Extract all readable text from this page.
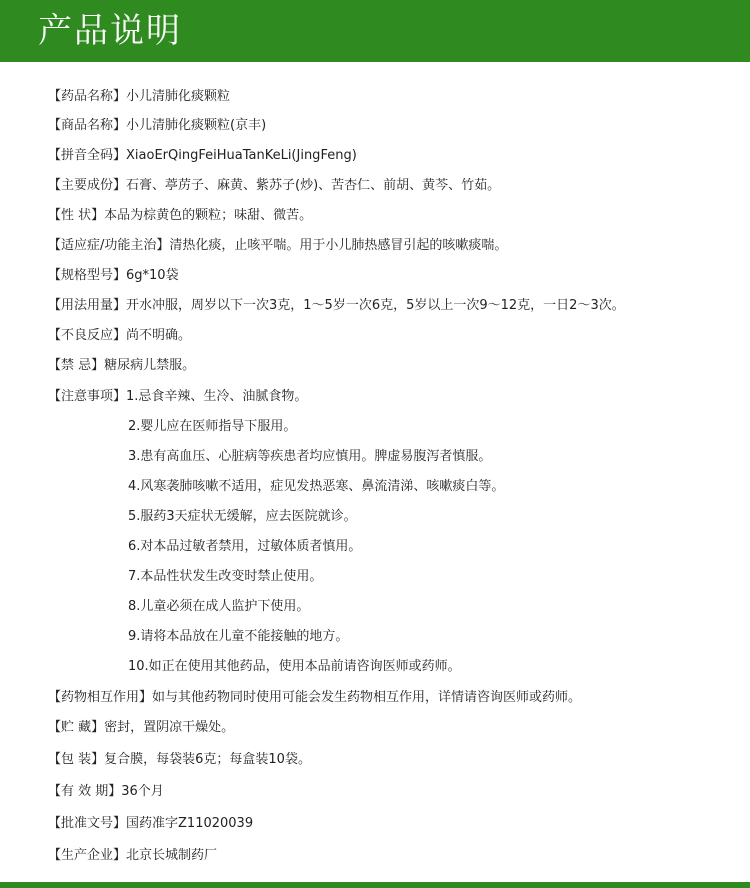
产品说明
【药品名称】小儿清肺化痰颗粒
【商品名称】小儿清肺化痰颗粒(京丰)
【拼音全码】XiaoErQingFeiHuaTanKeLi(JingFeng)
【主要成份】石膏、葶苈子、麻黄、紫苏子(炒)、苦杏仁、前胡、黄芩、竹茹。
【性 状】本品为棕黄色的颗粒；味甜、微苦。
【适应症/功能主治】清热化痰，止咳平喘。用于小儿肺热感冒引起的咳嗽痰喘。
【规格型号】6g*10袋
【用法用量】开水冲服，周岁以下一次3克，1～5岁一次6克，5岁以上一次9～12克，一日2～3次。
【不良反应】尚不明确。
【禁 忌】糖尿病儿禁服。
【注意事项】1.忌食辛辣、生冷、油腻食物。
2.婴儿应在医师指导下服用。
3.患有高血压、心脏病等疾患者均应慎用。脾虚易腹泻者慎服。
4.风寒袭肺咳嗽不适用，症见发热恶寒、鼻流清涕、咳嗽痰白等。
5.服药3天症状无缓解，应去医院就诊。
6.对本品过敏者禁用，过敏体质者慎用。
7.本品性状发生改变时禁止使用。
8.儿童必须在成人监护下使用。
9.请将本品放在儿童不能接触的地方。
10.如正在使用其他药品，使用本品前请咨询医师或药师。
【药物相互作用】如与其他药物同时使用可能会发生药物相互作用，详情请咨询医师或药师。
【贮 藏】密封，置阴凉干燥处。
【包 装】复合膜，每袋装6克；每盒装10袋。
【有 效 期】36个月
【批准文号】国药准字Z11020039
【生产企业】北京长城制药厂
